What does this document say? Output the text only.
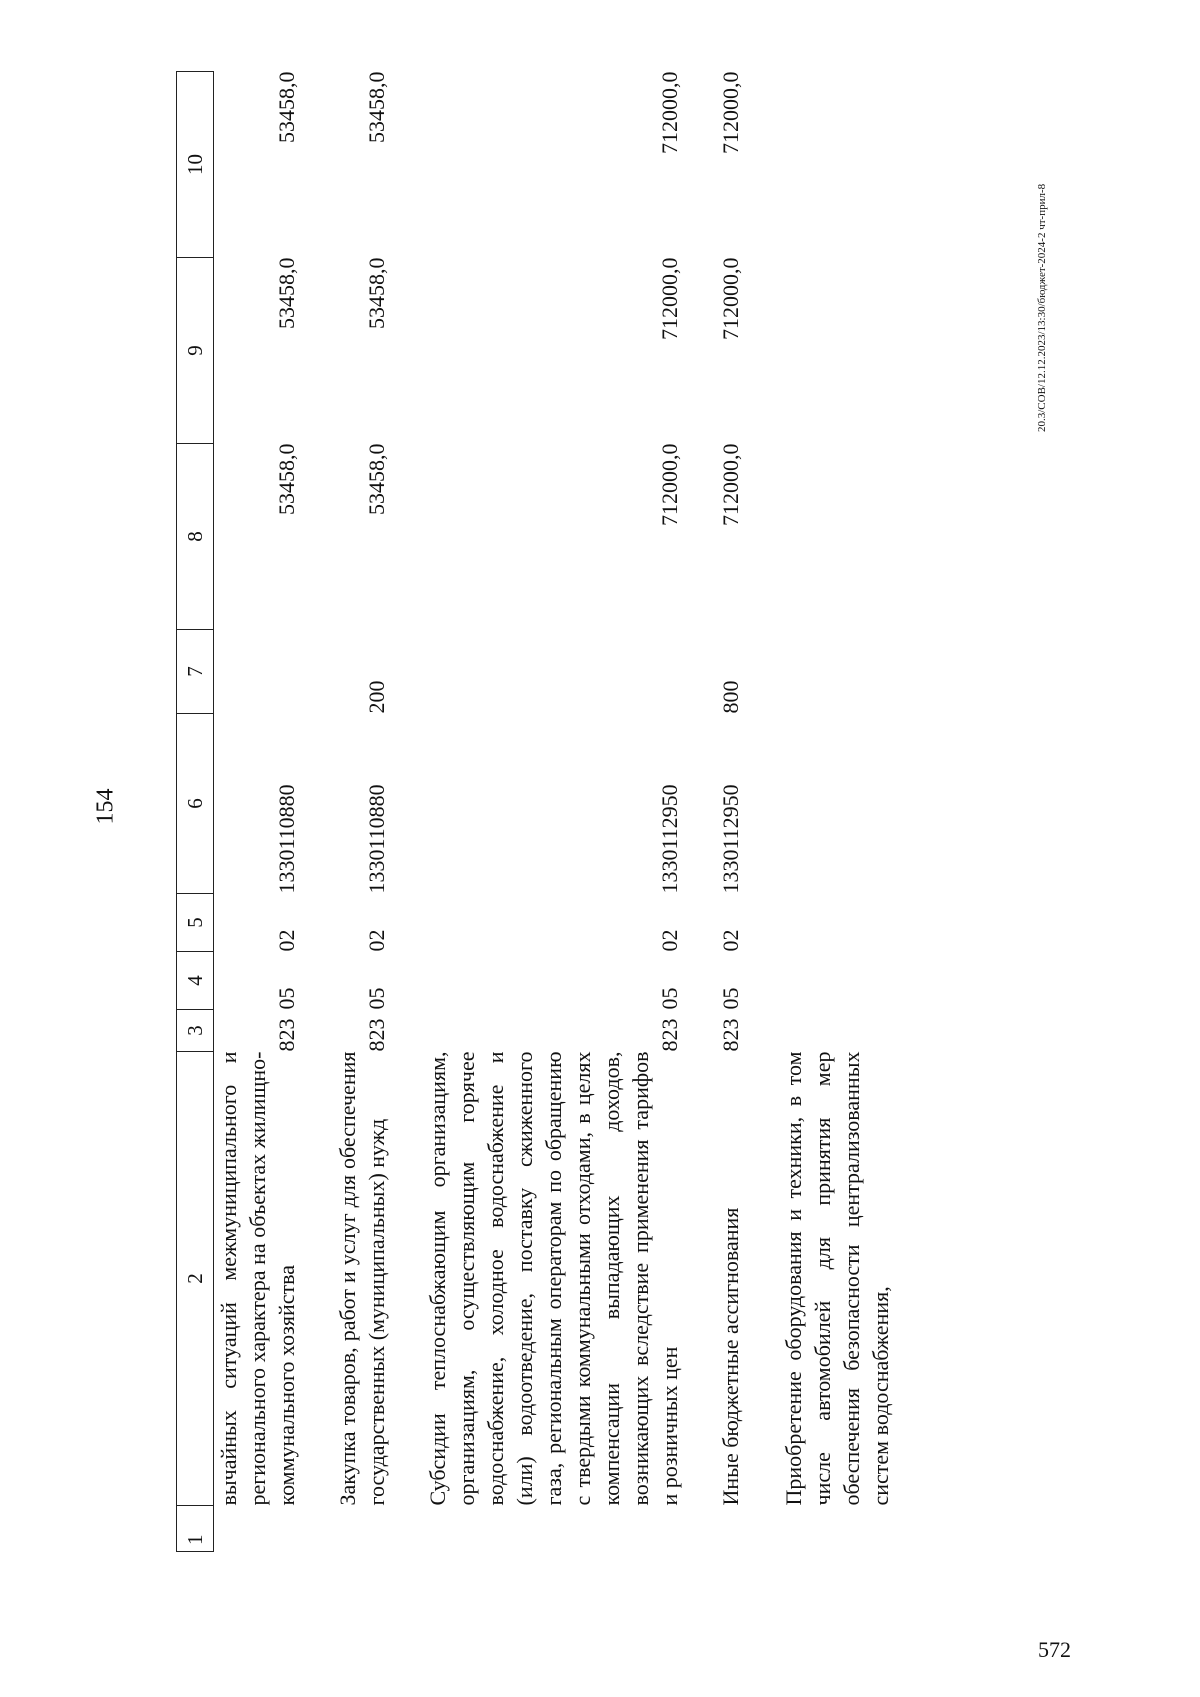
154
1	2	3	4	5	6	7	8	9	10
	вычайных ситуаций межмуниципального и регионального характера на объектах жилищно-коммунального хозяйства	823	05	02	1330110880		53458,0	53458,0	53458,0
	Закупка товаров, работ и услуг для обеспечения государственных (муниципальных) нужд	823	05	02	1330110880	200	53458,0	53458,0	53458,0
	Субсидии теплоснабжающим организациям, организациям, осуществляющим горячее водоснабжение, холодное водоснабжение и (или) водоотведение, поставку сжиженного газа, региональным операторам по обращению с твердыми коммунальными отходами, в целях компенсации выпадающих доходов, возникающих вследствие применения тарифов и розничных цен	823	05	02	1330112950		712000,0	712000,0	712000,0
	Иные бюджетные ассигнования	823	05	02	1330112950	800	712000,0	712000,0	712000,0
	Приобретение оборудования и техники, в том числе автомобилей для принятия мер обеспечения безопасности централизованных систем водоснабжения,								
20.3/СОВ/12.12.2023/13:30/бюджет-2024-2 чт-прил-8
572
